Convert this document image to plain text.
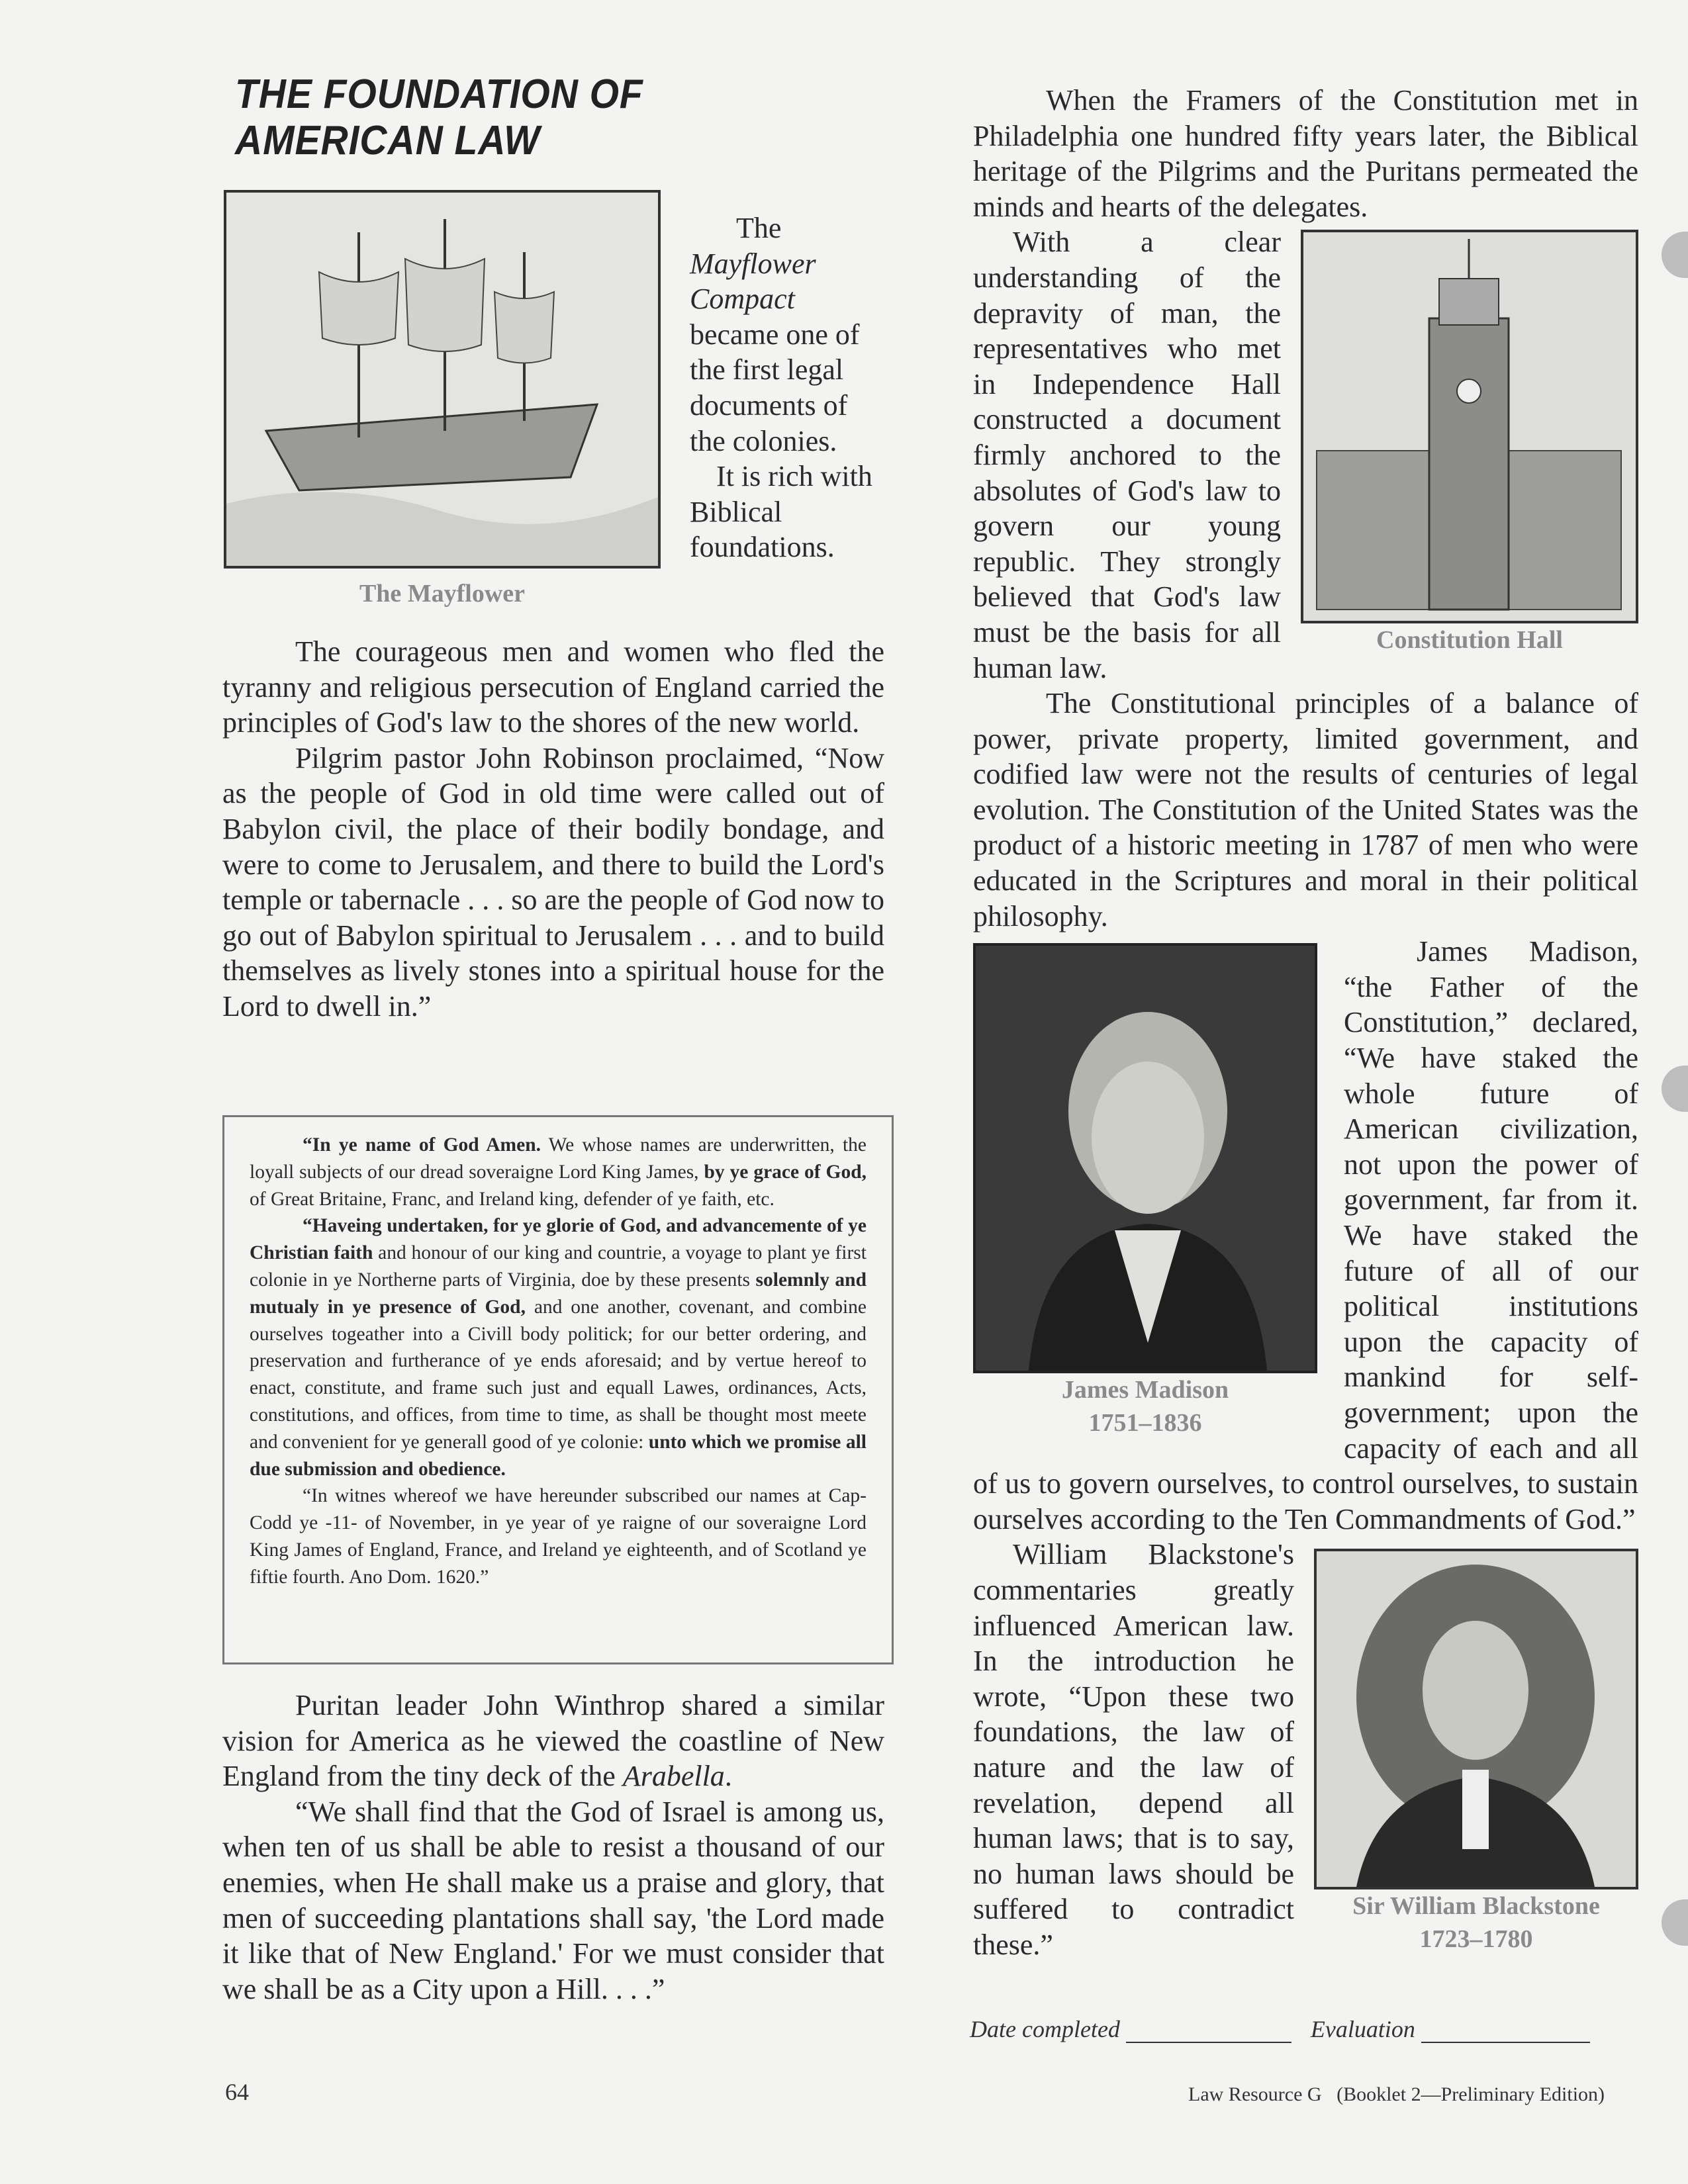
THE FOUNDATION OF
AMERICAN LAW
The Mayflower

The Mayflower Compact became one of the first legal documents of the colonies.

It is rich with Biblical foundations.

The courageous men and women who fled the tyranny and religious persecution of England carried the principles of God's law to the shores of the new world.

Pilgrim pastor John Robinson proclaimed, “Now as the people of God in old time were called out of Babylon civil, the place of their bodily bondage, and were to come to Jerusalem, and there to build the Lord's temple or tabernacle . . . so are the people of God now to go out of Babylon spiritual to Jerusalem . . . and to build themselves as lively stones into a spiritual house for the Lord to dwell in.”

“In ye name of God Amen. We whose names are underwritten, the loyall subjects of our dread soveraigne Lord King James, by ye grace of God, of Great Britaine, Franc, and Ireland king, defender of ye faith, etc.

“Haveing undertaken, for ye glorie of God, and advancemente of ye Christian faith and honour of our king and countrie, a voyage to plant ye first colonie in ye Northerne parts of Virginia, doe by these presents solemnly and mutualy in ye presence of God, and one another, covenant, and combine ourselves togeather into a Civill body politick; for our better ordering, and preservation and furtherance of ye ends aforesaid; and by vertue hereof to enact, constitute, and frame such just and equall Lawes, ordinances, Acts, constitutions, and offices, from time to time, as shall be thought most meete and convenient for ye generall good of ye colonie: unto which we promise all due submission and obedience.

“In witnes whereof we have hereunder subscribed our names at Cap-Codd ye -11- of November, in ye year of ye raigne of our soveraigne Lord King James of England, France, and Ireland ye eighteenth, and of Scotland ye fiftie fourth. Ano Dom. 1620.”

Puritan leader John Winthrop shared a similar vision for America as he viewed the coastline of New England from the tiny deck of the Arabella.

“We shall find that the God of Israel is among us, when ten of us shall be able to resist a thousand of our enemies, when He shall make us a praise and glory, that men of succeeding plantations shall say, 'the Lord made it like that of New England.' For we must consider that we shall be as a City upon a Hill. . . .”

When the Framers of the Constitution met in Philadelphia one hundred fifty years later, the Biblical heritage of the Pilgrims and the Puritans permeated the minds and hearts of the delegates.

Constitution Hall

With a clear understanding of the depravity of man, the representatives who met in Independence Hall constructed a document firmly anchored to the absolutes of God's law to govern our young republic. They strongly believed that God's law must be the basis for all human law.

The Constitutional principles of a balance of power, private property, limited government, and codified law were not the results of centuries of legal evolution. The Constitution of the United States was the product of a historic meeting in 1787 of men who were educated in the Scriptures and moral in their political philosophy.

James Madison
1751–1836

James Madison, “the Father of the Constitution,” declared, “We have staked the whole future of American civilization, not upon the power of government, far from it. We have staked the future of all of our political institutions upon the capacity of mankind for self-government; upon the capacity of each and all of us to govern ourselves, to control ourselves, to sustain ourselves according to the Ten Commandments of God.”

Sir William Blackstone
1723–1780

William Blackstone's commentaries greatly influenced American law. In the introduction he wrote, “Upon these two foundations, the law of nature and the law of revelation, depend all human laws; that is to say, no human laws should be suffered to contradict these.”

Date completed	Evaluation
64	Law Resource G   (Booklet 2—Preliminary Edition)
